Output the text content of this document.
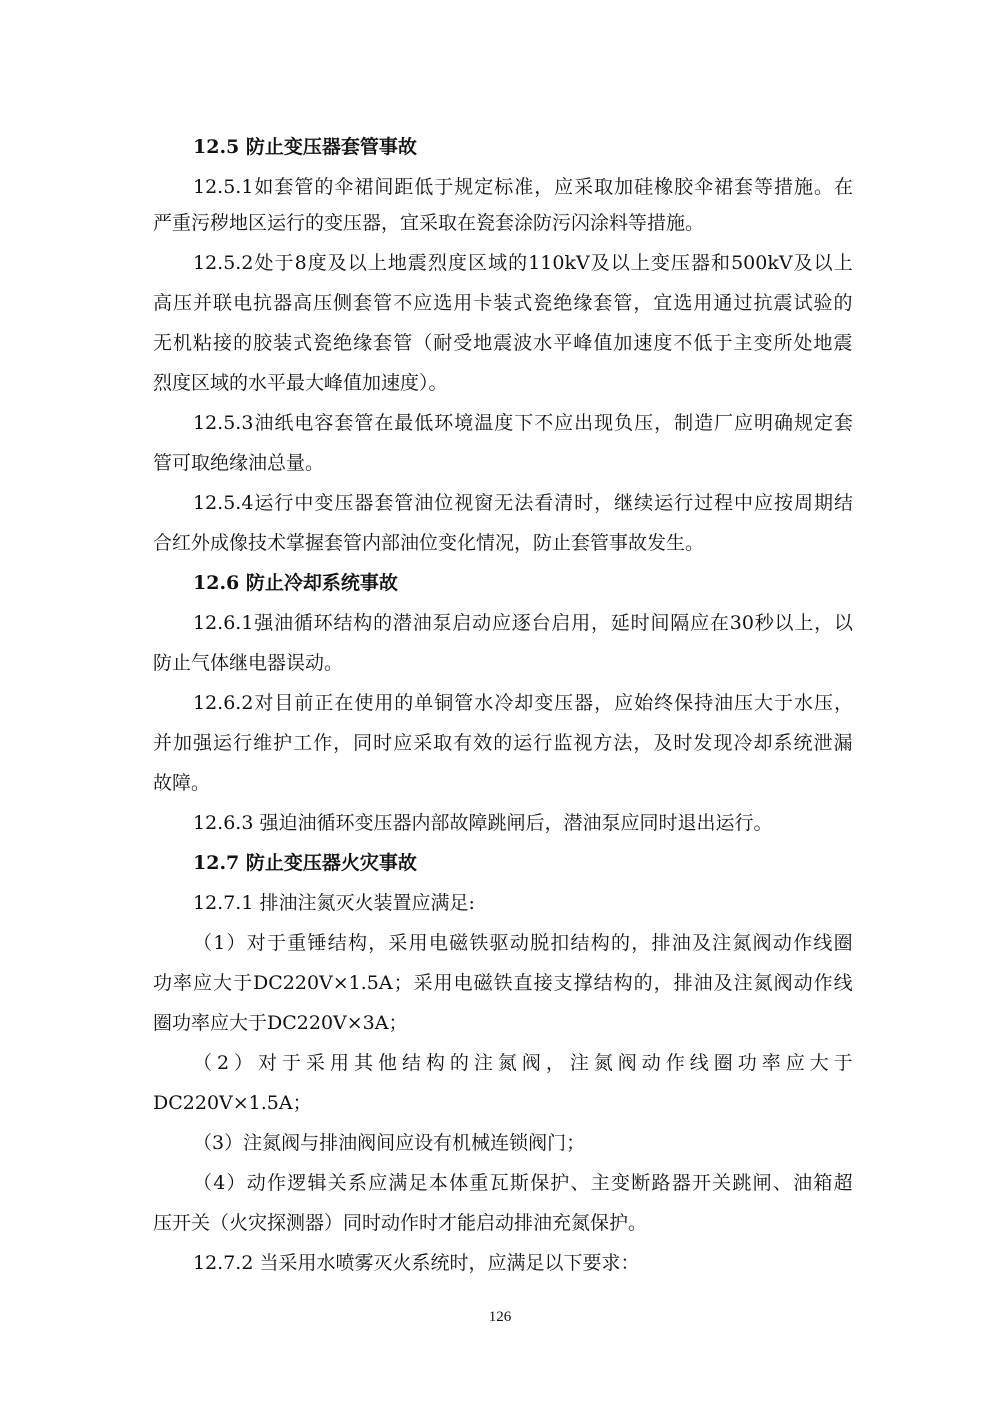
12.5 防止变压器套管事故
12.5.1 如 套 管 的 伞 裙 间 距 低 于 规 定 标 准 ， 应 采 取 加 硅 橡 胶 伞 裙 套 等 措 施 。 在
严重污秽地区运行的变压器，宜采取在瓷套涂防污闪涂料等措施。
12.5.2 处 于 8 度 及 以 上 地 震 烈 度 区 域 的 110kV 及 以 上 变 压 器 和 500kV 及 以 上
高 压 并 联 电 抗 器 高 压 侧 套 管 不 应 选 用 卡 装 式 瓷 绝 缘 套 管 ， 宜 选 用 通 过 抗 震 试 验 的
无 机 粘 接 的 胶 装 式 瓷 绝 缘 套 管 （ 耐 受 地 震 波 水 平 峰 值 加 速 度 不 低 于 主 变 所 处 地 震
烈度区域的水平最大峰值加速度）。
12.5.3 油 纸 电 容 套 管 在 最 低 环 境 温 度 下 不 应 出 现 负 压 ， 制 造 厂 应 明 确 规 定 套
管可取绝缘油总量。
12.5.4 运 行 中 变 压 器 套 管 油 位 视 窗 无 法 看 清 时 ， 继 续 运 行 过 程 中 应 按 周 期 结
合红外成像技术掌握套管内部油位变化情况，防止套管事故发生。
12.6 防止冷却系统事故
12.6.1 强 油 循 环 结 构 的 潜 油 泵 启 动 应 逐 台 启 用 ， 延 时 间 隔 应 在 30 秒 以 上 ， 以
防止气体继电器误动。
12.6.2 对 目 前 正 在 使 用 的 单 铜 管 水 冷 却 变 压 器 ， 应 始 终 保 持 油 压 大 于 水 压 ，
并 加 强 运 行 维 护 工 作 ， 同 时 应 采 取 有 效 的 运 行 监 视 方 法 ， 及 时 发 现 冷 却 系 统 泄 漏
故障。
12.6.3 强迫油循环变压器内部故障跳闸后，潜油泵应同时退出运行。
12.7 防止变压器火灾事故
12.7.1 排油注氮灭火装置应满足:
（ 1 ） 对 于 重 锤 结 构 ， 采 用 电 磁 铁 驱 动 脱 扣 结 构 的 ， 排 油 及 注 氮 阀 动 作 线 圈
功 率 应 大 于 DC220V×1.5A ； 采 用 电 磁 铁 直 接 支 撑 结 构 的 ， 排 油 及 注 氮 阀 动 作 线
圈功率应大于DC220V×3A；
（ 2 ） 对 于 采 用 其 他 结 构 的 注 氮 阀 ， 注 氮 阀 动 作 线 圈 功 率 应 大 于
DC220V×1.5A；
（3）注氮阀与排油阀间应设有机械连锁阀门；
（ 4 ） 动 作 逻 辑 关 系 应 满 足 本 体 重 瓦 斯 保 护 、 主 变 断 路 器 开 关 跳 闸 、 油 箱 超
压开关（火灾探测器）同时动作时才能启动排油充氮保护。
12.7.2 当采用水喷雾灭火系统时，应满足以下要求：
126
